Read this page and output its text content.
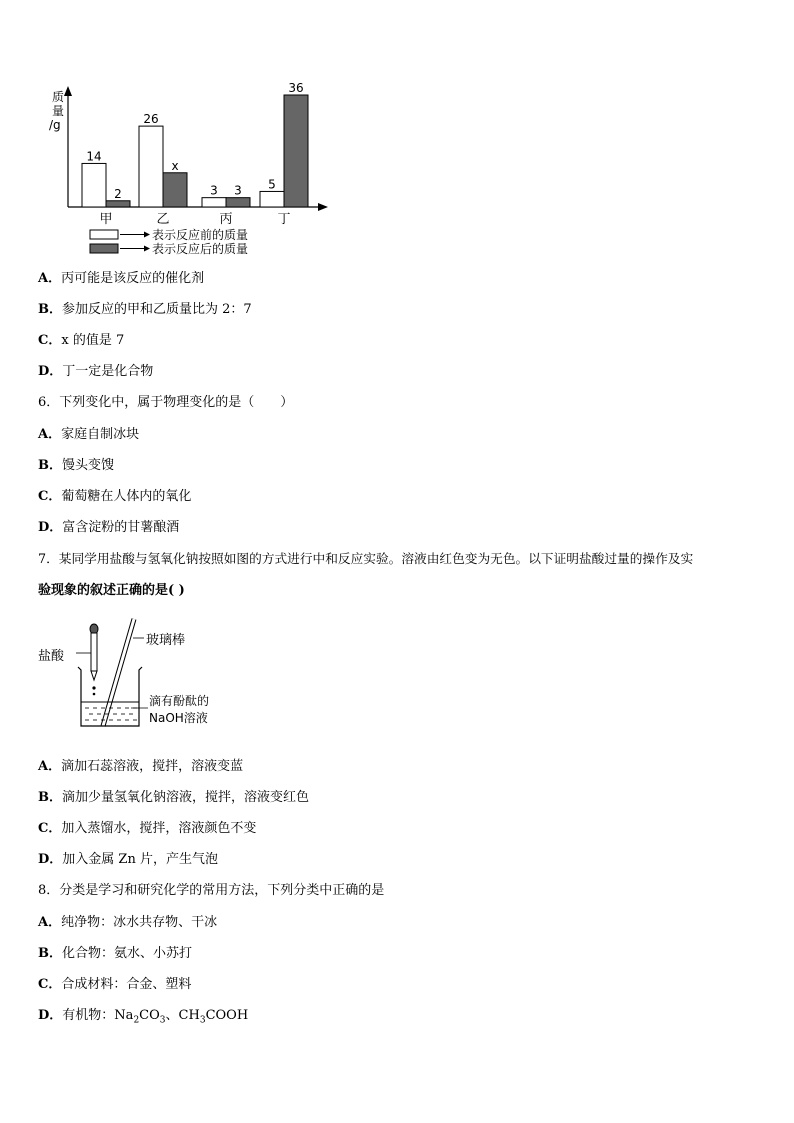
质
量
/g
14
2
26
x
3 3 5
36
甲	乙	丙	丁
表示反应前的质量
表示反应后的质量
A．丙可能是该反应的催化剂
B．参加反应的甲和乙质量比为 2：7
C．x 的值是 7
D．丁一定是化合物
6．下列变化中，属于物理变化的是（　　）
A．家庭自制冰块
B．馒头变馊
C．葡萄糖在人体内的氧化
D．富含淀粉的甘薯酿酒
7．某同学用盐酸与氢氧化钠按照如图的方式进行中和反应实验。溶液由红色变为无色。以下证明盐酸过量的操作及实
验现象的叙述正确的是( )
盐酸
玻璃棒
滴有酚酞的
NaOH溶液
A．滴加石蕊溶液，搅拌，溶液变蓝
B．滴加少量氢氧化钠溶液，搅拌，溶液变红色
C．加入蒸馏水，搅拌，溶液颜色不变
D．加入金属 Zn 片，产生气泡
8．分类是学习和研究化学的常用方法，下列分类中正确的是
A．纯净物：冰水共存物、干冰
B．化合物：氨水、小苏打
C．合成材料：合金、塑料
D．有机物：$Na_2CO_3$、$CH_3COOH$
